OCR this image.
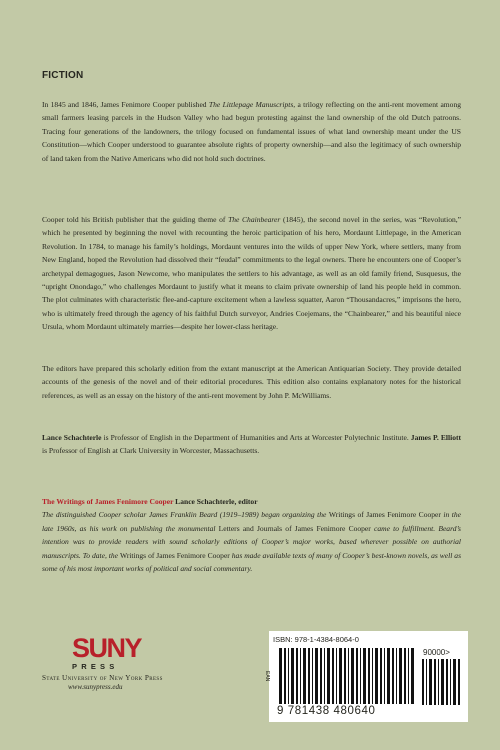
FICTION

In 1845 and 1846, James Fenimore Cooper published The Littlepage Manuscripts, a trilogy reflecting on the anti-rent movement among small farmers leasing parcels in the Hudson Valley who had begun protesting against the land ownership of the old Dutch patroons. Tracing four generations of the landowners, the trilogy focused on fundamental issues of what land ownership meant under the US Constitution—which Cooper understood to guarantee absolute rights of property ownership—and also the legitimacy of such ownership of land taken from the Native Americans who did not hold such doctrines.

Cooper told his British publisher that the guiding theme of The Chainbearer (1845), the second novel in the series, was “Revolution,” which he presented by beginning the novel with recounting the heroic participation of his hero, Mordaunt Littlepage, in the American Revolution. In 1784, to manage his family’s holdings, Mordaunt ventures into the wilds of upper New York, where settlers, many from New England, hoped the Revolution had dissolved their “feudal” commitments to the legal owners. There he encounters one of Cooper’s archetypal demagogues, Jason Newcome, who manipulates the settlers to his advantage, as well as an old family friend, Susquesus, the “upright Onondago,” who challenges Mordaunt to justify what it means to claim private ownership of land his people held in common. The plot culminates with characteristic flee-and-capture excitement when a lawless squatter, Aaron “Thousandacres,” imprisons the hero, who is ultimately freed through the agency of his faithful Dutch surveyor, Andries Coejemans, the “Chainbearer,” and his beautiful niece Ursula, whom Mordaunt ultimately marries—despite her lower-class heritage.

The editors have prepared this scholarly edition from the extant manuscript at the American Antiquarian Society. They provide detailed accounts of the genesis of the novel and of their editorial procedures. This edition also contains explanatory notes for the historical references, as well as an essay on the history of the anti-rent movement by John P. McWilliams.

Lance Schachterle is Professor of English in the Department of Humanities and Arts at Worcester Polytechnic Institute. James P. Elliott is Professor of English at Clark University in Worcester, Massachusetts.

The Writings of James Fenimore Cooper Lance Schachterle, editor
The distinguished Cooper scholar James Franklin Beard (1919–1989) began organizing the Writings of James Fenimore Cooper in the late 1960s, as his work on publishing the monumental Letters and Journals of James Fenimore Cooper came to fulfillment. Beard’s intention was to provide readers with sound scholarly editions of Cooper’s major works, based wherever possible on authorial manuscripts. To date, the Writings of James Fenimore Cooper has made available texts of many of Cooper’s best-known novels, as well as some of his most important works of political and social commentary.
SUNY
PRESS
State University of New York Press
www.sunypress.edu
ISBN: 978-1-4384-8064-0
EAN
90000>
9 781438 480640
